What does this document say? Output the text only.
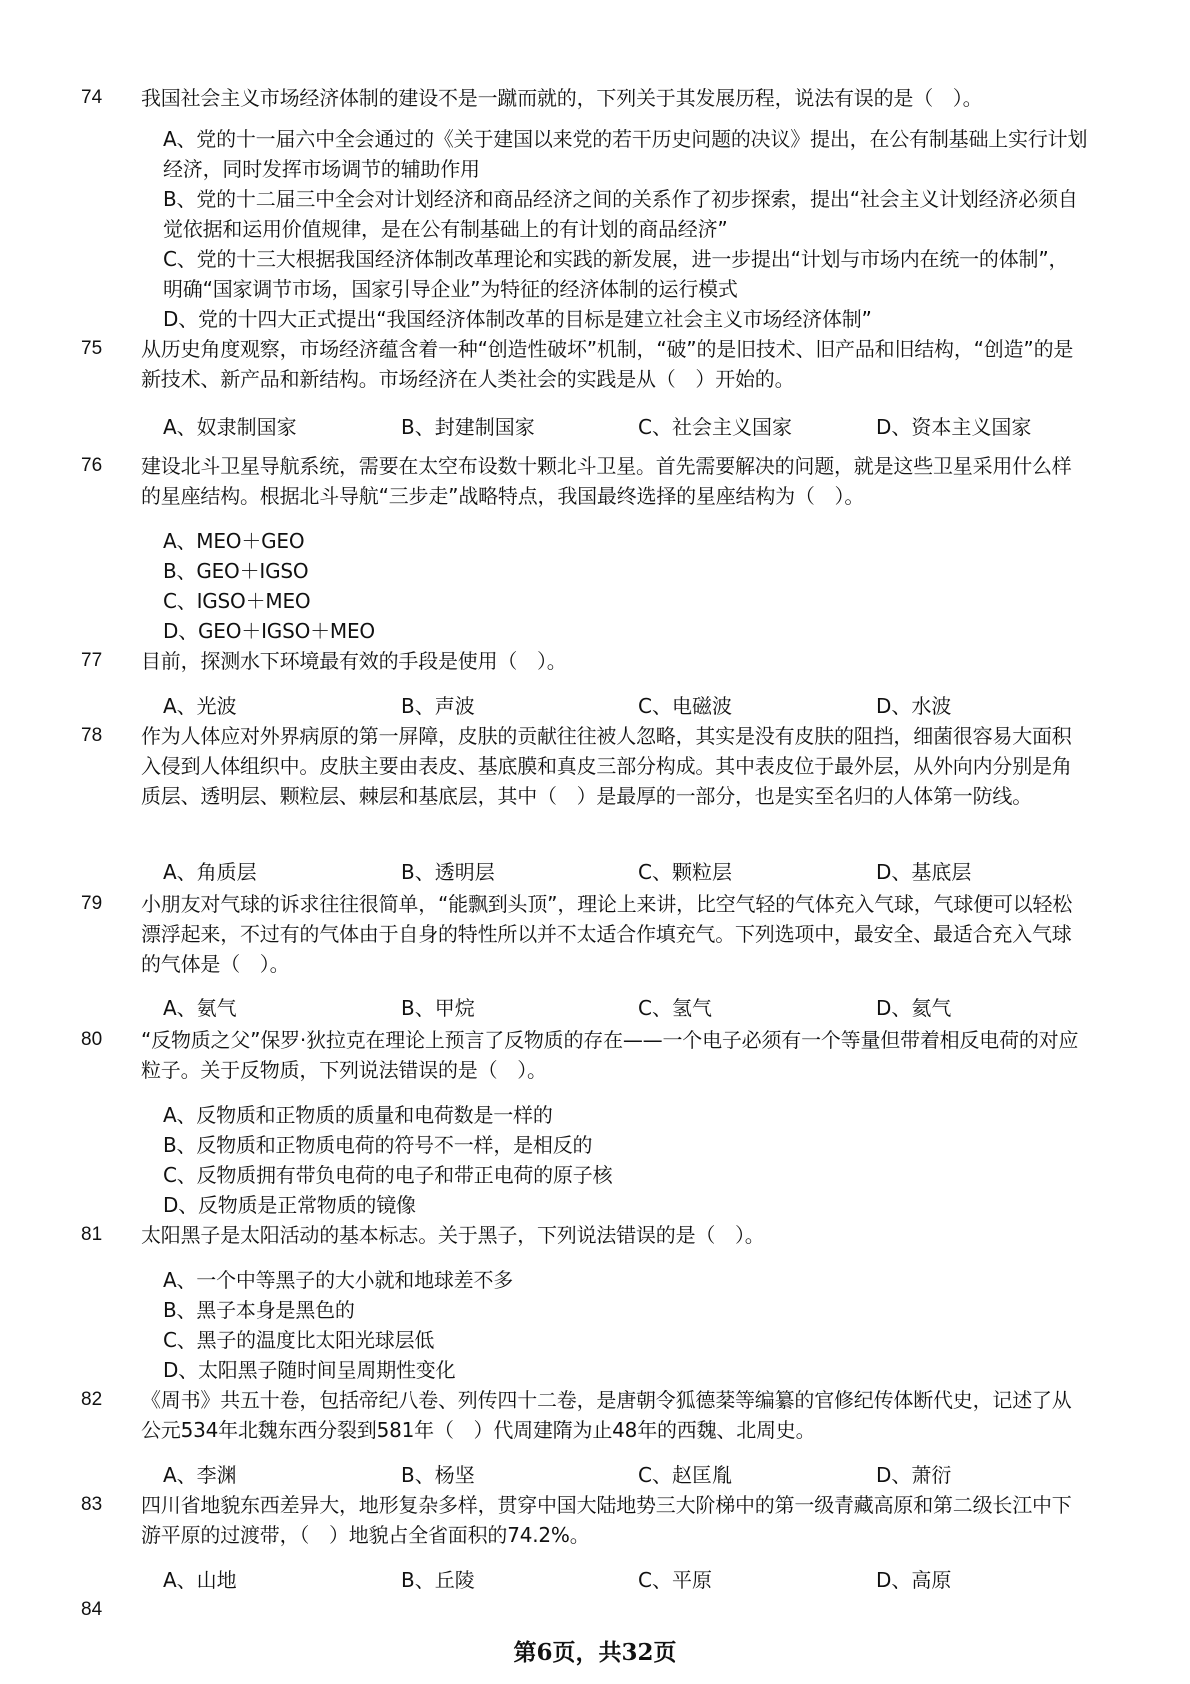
74 我国社会主义市场经济体制的建设不是一蹴而就的，下列关于其发展历程，说法有误的是（　）。
A、党的十一届六中全会通过的《关于建国以来党的若干历史问题的决议》提出，在公有制基础上实行计划经济，同时发挥市场调节的辅助作用
B、党的十二届三中全会对计划经济和商品经济之间的关系作了初步探索，提出“社会主义计划经济必须自觉依据和运用价值规律，是在公有制基础上的有计划的商品经济”
C、党的十三大根据我国经济体制改革理论和实践的新发展，进一步提出“计划与市场内在统一的体制”，明确“国家调节市场，国家引导企业”为特征的经济体制的运行模式
D、党的十四大正式提出“我国经济体制改革的目标是建立社会主义市场经济体制”
75 从历史角度观察，市场经济蕴含着一种“创造性破坏”机制，“破”的是旧技术、旧产品和旧结构，“创造”的是新技术、新产品和新结构。市场经济在人类社会的实践是从（　）开始的。
A、奴隶制国家	B、封建制国家	C、社会主义国家	D、资本主义国家
76 建设北斗卫星导航系统，需要在太空布设数十颗北斗卫星。首先需要解决的问题，就是这些卫星采用什么样的星座结构。根据北斗导航“三步走”战略特点，我国最终选择的星座结构为（　）。
A、MEO＋GEO
B、GEO＋IGSO
C、IGSO＋MEO
D、GEO＋IGSO＋MEO
77 目前，探测水下环境最有效的手段是使用（　）。
A、光波	B、声波	C、电磁波	D、水波
78 作为人体应对外界病原的第一屏障，皮肤的贡献往往被人忽略，其实是没有皮肤的阻挡，细菌很容易大面积入侵到人体组织中。皮肤主要由表皮、基底膜和真皮三部分构成。其中表皮位于最外层，从外向内分别是角质层、透明层、颗粒层、棘层和基底层，其中（　）是最厚的一部分，也是实至名归的人体第一防线。
A、角质层	B、透明层	C、颗粒层	D、基底层
79 小朋友对气球的诉求往往很简单，“能飘到头顶”，理论上来讲，比空气轻的气体充入气球，气球便可以轻松漂浮起来，不过有的气体由于自身的特性所以并不太适合作填充气。下列选项中，最安全、最适合充入气球的气体是（　）。
A、氨气	B、甲烷	C、氢气	D、氦气
80 “反物质之父”保罗·狄拉克在理论上预言了反物质的存在——一个电子必须有一个等量但带着相反电荷的对应粒子。关于反物质，下列说法错误的是（　）。
A、反物质和正物质的质量和电荷数是一样的
B、反物质和正物质电荷的符号不一样，是相反的
C、反物质拥有带负电荷的电子和带正电荷的原子核
D、反物质是正常物质的镜像
81 太阳黑子是太阳活动的基本标志。关于黑子，下列说法错误的是（　）。
A、一个中等黑子的大小就和地球差不多
B、黑子本身是黑色的
C、黑子的温度比太阳光球层低
D、太阳黑子随时间呈周期性变化
82 《周书》共五十卷，包括帝纪八卷、列传四十二卷，是唐朝令狐德棻等编纂的官修纪传体断代史，记述了从公元534年北魏东西分裂到581年（　）代周建隋为止48年的西魏、北周史。
A、李渊	B、杨坚	C、赵匡胤	D、萧衍
83 四川省地貌东西差异大，地形复杂多样，贯穿中国大陆地势三大阶梯中的第一级青藏高原和第二级长江中下游平原的过渡带，（　）地貌占全省面积的74.2%。
A、山地	B、丘陵	C、平原	D、高原
84
第6页，共32页
